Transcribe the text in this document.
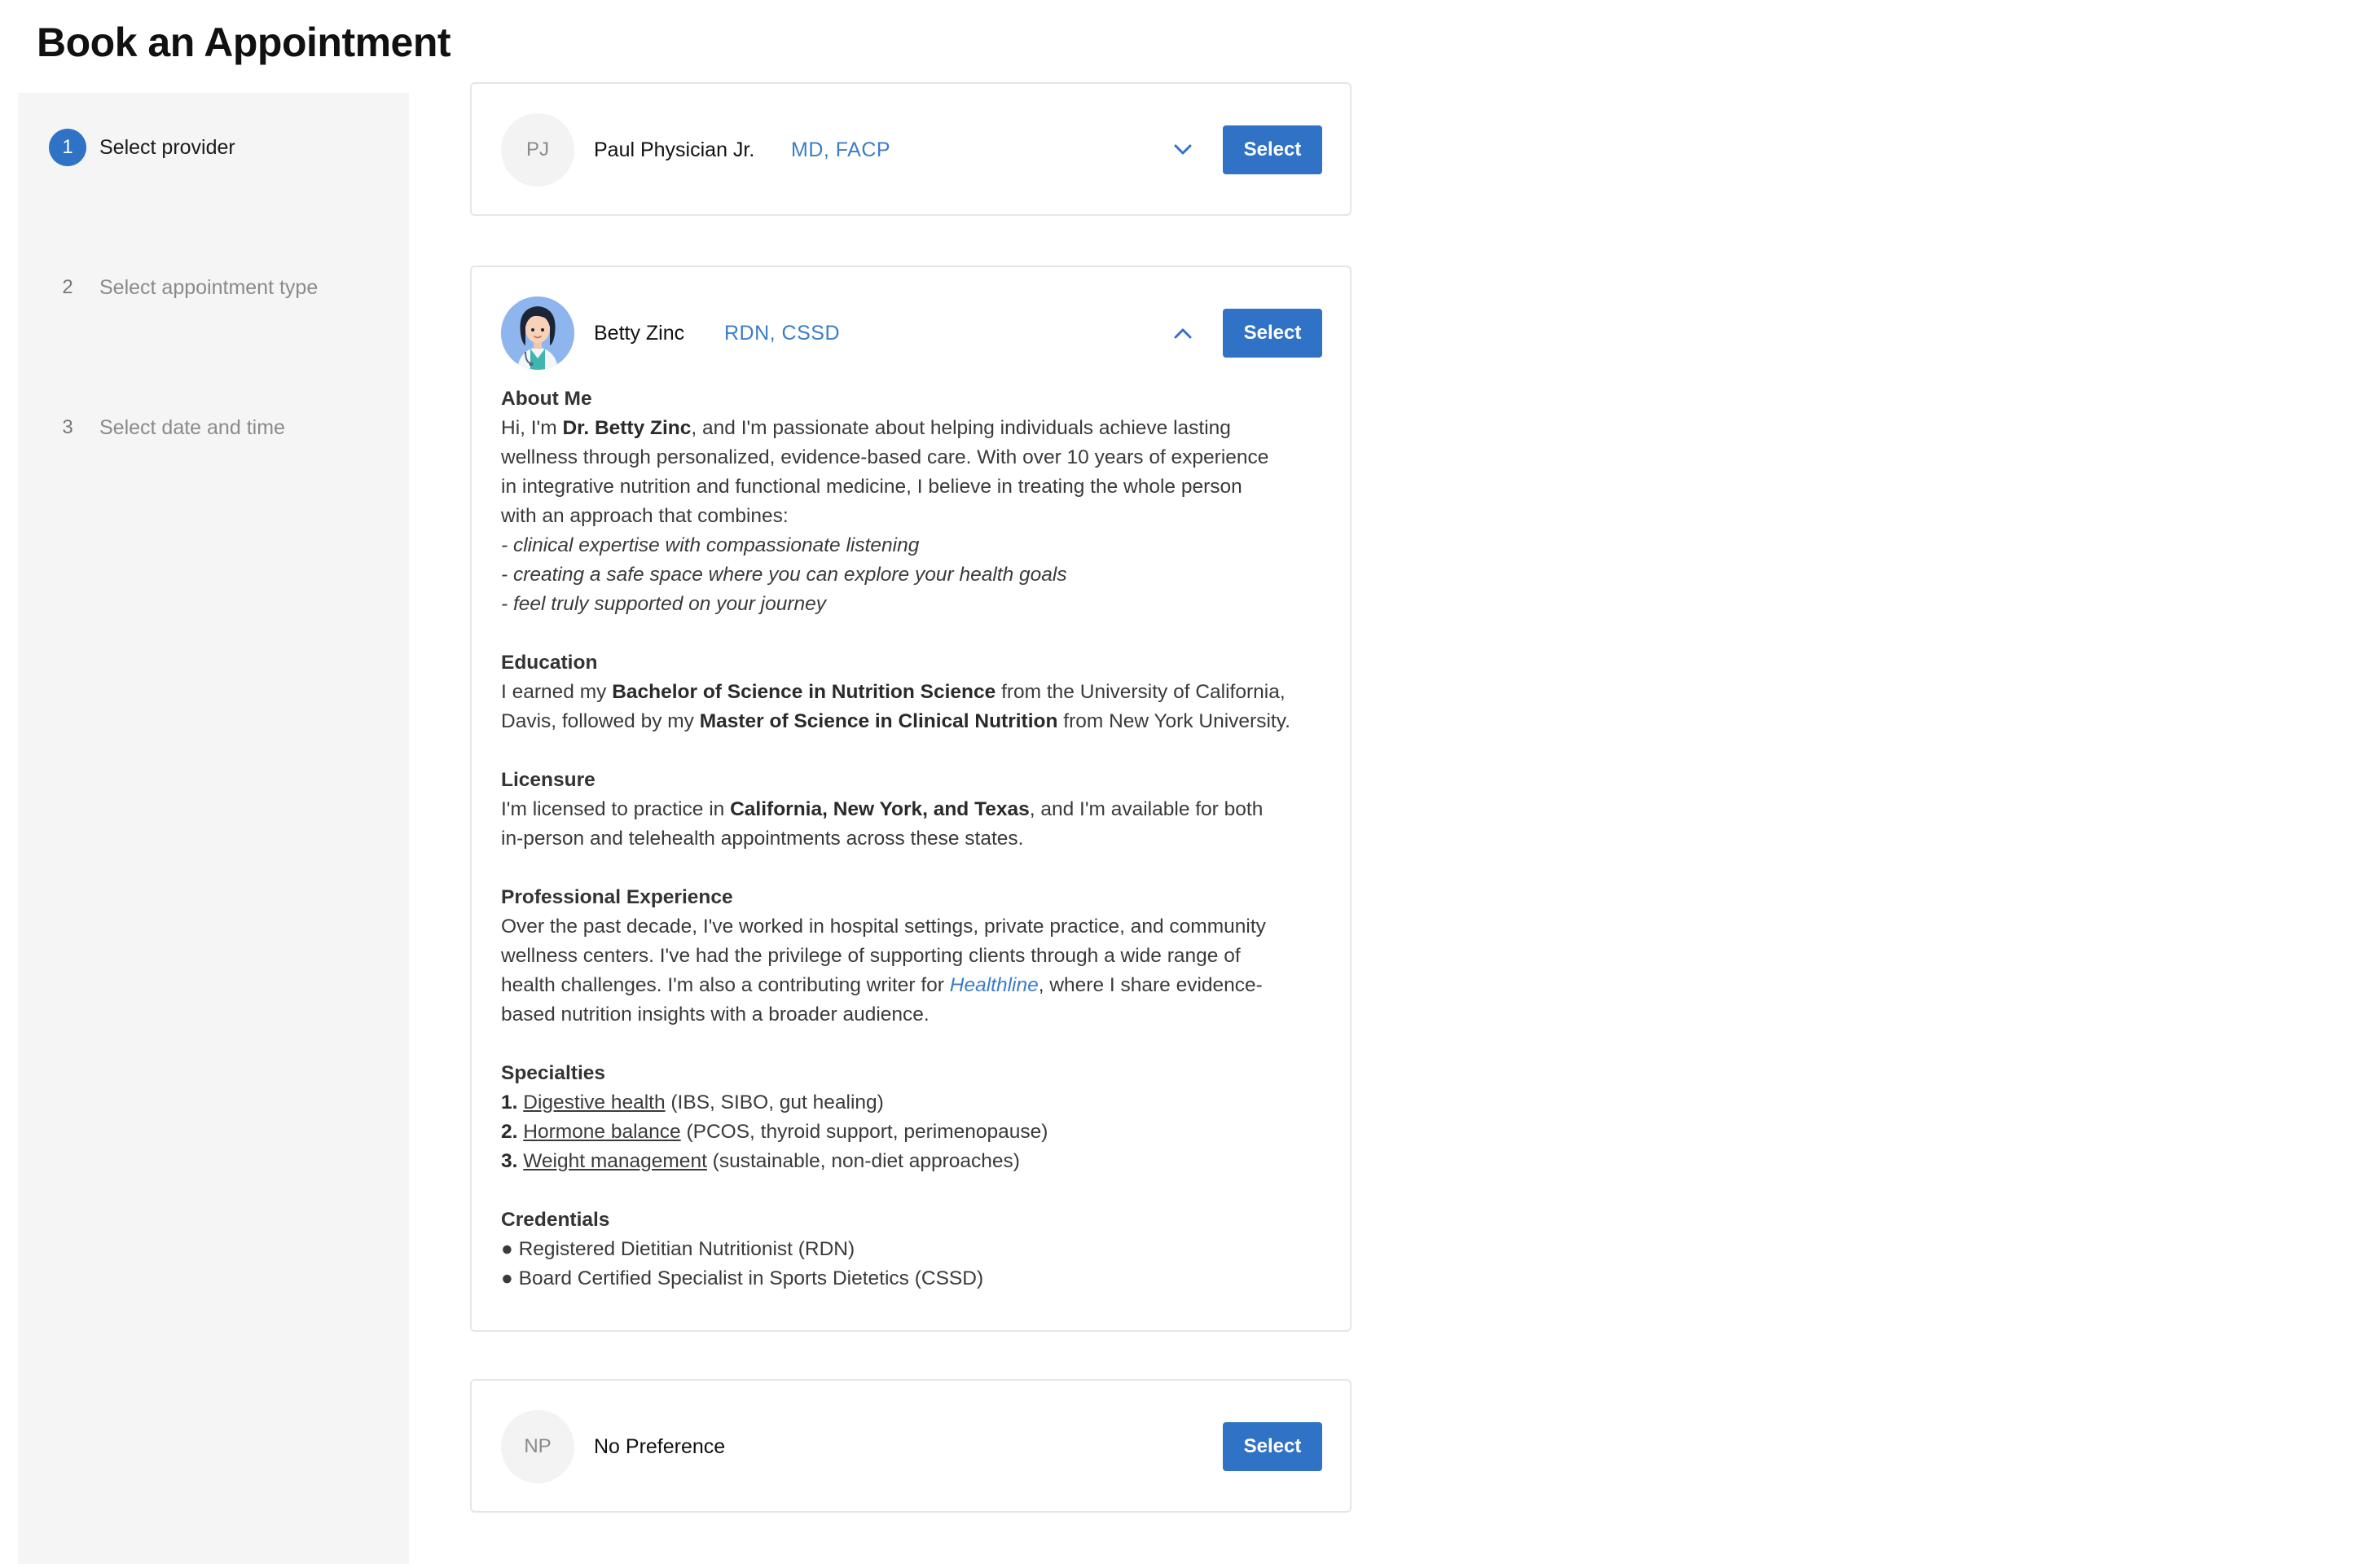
Book an Appointment
1	Select provider
2	Select appointment type
3	Select date and time
PJ	Paul Physician Jr. MD, FACP	Select
Betty Zinc RDN, CSSD	Select
About Me
Hi, I'm Dr. Betty Zinc, and I'm passionate about helping individuals achieve lasting
wellness through personalized, evidence-based care. With over 10 years of experience
in integrative nutrition and functional medicine, I believe in treating the whole person
with an approach that combines:
- clinical expertise with compassionate listening
- creating a safe space where you can explore your health goals
- feel truly supported on your journey
Education
I earned my Bachelor of Science in Nutrition Science from the University of California,
Davis, followed by my Master of Science in Clinical Nutrition from New York University.
Licensure
I'm licensed to practice in California, New York, and Texas, and I'm available for both
in-person and telehealth appointments across these states.
Professional Experience
Over the past decade, I've worked in hospital settings, private practice, and community
wellness centers. I've had the privilege of supporting clients through a wide range of
health challenges. I'm also a contributing writer for Healthline, where I share evidence-
based nutrition insights with a broader audience.
Specialties
1. Digestive health (IBS, SIBO, gut healing)
2. Hormone balance (PCOS, thyroid support, perimenopause)
3. Weight management (sustainable, non-diet approaches)
Credentials
● Registered Dietitian Nutritionist (RDN)
● Board Certified Specialist in Sports Dietetics (CSSD)
NP	No Preference	Select
